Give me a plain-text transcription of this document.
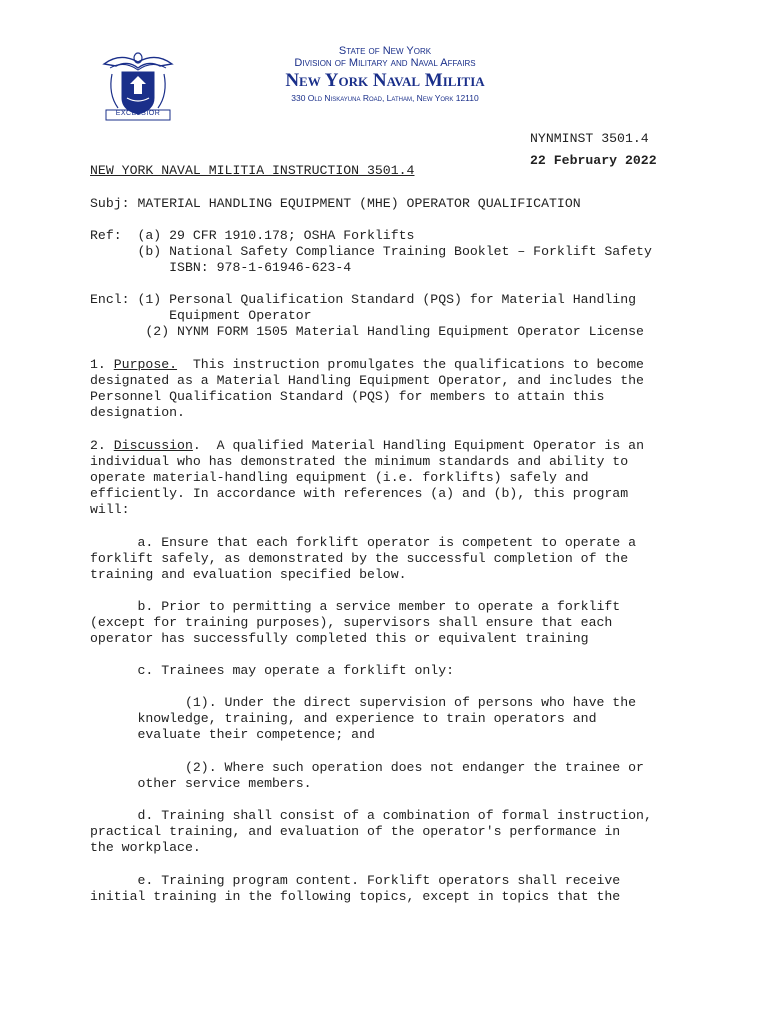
EXCELSIOR
State of New York
Division of Military and Naval Affairs
New York Naval Militia
330 Old Niskayuna Road, Latham, New York 12110
NYNMINST 3501.4
22 February 2022
NEW YORK NAVAL MILITIA INSTRUCTION 3501.4
Subj: MATERIAL HANDLING EQUIPMENT (MHE) OPERATOR QUALIFICATION
Ref:  (a) 29 CFR 1910.178; OSHA Forklifts
(b) National Safety Compliance Training Booklet – Forklift Safety
ISBN: 978-1-61946-623-4
Encl: (1) Personal Qualification Standard (PQS) for Material Handling
Equipment Operator
(2) NYNM FORM 1505 Material Handling Equipment Operator License
1. Purpose.  This instruction promulgates the qualifications to become
designated as a Material Handling Equipment Operator, and includes the
Personnel Qualification Standard (PQS) for members to attain this
designation.
2. Discussion.  A qualified Material Handling Equipment Operator is an
individual who has demonstrated the minimum standards and ability to
operate material-handling equipment (i.e. forklifts) safely and
efficiently. In accordance with references (a) and (b), this program
will:
a. Ensure that each forklift operator is competent to operate a
forklift safely, as demonstrated by the successful completion of the
training and evaluation specified below.
b. Prior to permitting a service member to operate a forklift
(except for training purposes), supervisors shall ensure that each
operator has successfully completed this or equivalent training
c. Trainees may operate a forklift only:
(1). Under the direct supervision of persons who have the
knowledge, training, and experience to train operators and
evaluate their competence; and
(2). Where such operation does not endanger the trainee or
other service members.
d. Training shall consist of a combination of formal instruction,
practical training, and evaluation of the operator's performance in
the workplace.
e. Training program content. Forklift operators shall receive
initial training in the following topics, except in topics that the
